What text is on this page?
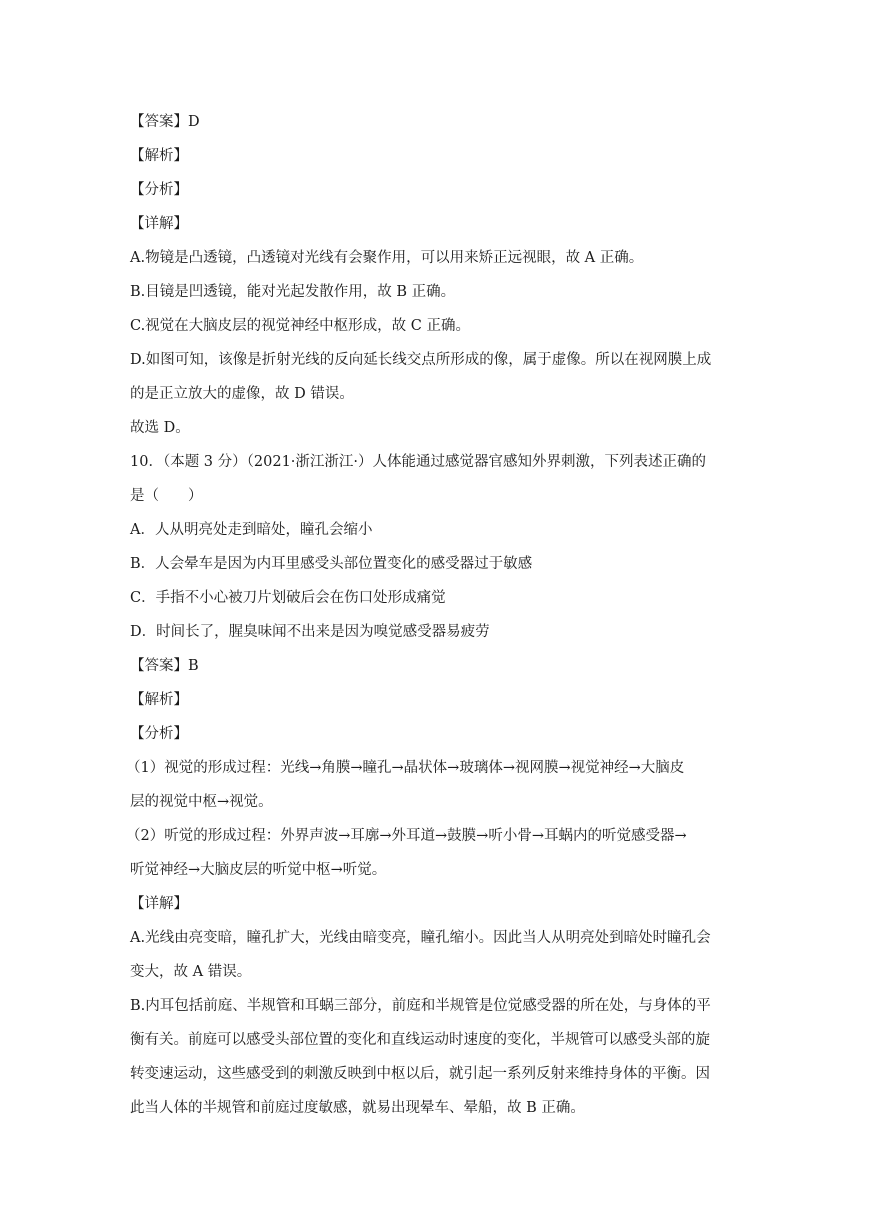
【答案】D
【解析】
【分析】
【详解】
A.物镜是凸透镜，凸透镜对光线有会聚作用，可以用来矫正远视眼，故 A 正确。
B.目镜是凹透镜，能对光起发散作用，故 B 正确。
C.视觉在大脑皮层的视觉神经中枢形成，故 C 正确。
D.如图可知，该像是折射光线的反向延长线交点所形成的像，属于虚像。所以在视网膜上成
的是正立放大的虚像，故 D 错误。
故选 D。
10．（本题 3 分）（2021·浙江浙江·）人体能通过感觉器官感知外界刺激，下列表述正确的
是（　　）
A．人从明亮处走到暗处，瞳孔会缩小
B．人会晕车是因为内耳里感受头部位置变化的感受器过于敏感
C．手指不小心被刀片划破后会在伤口处形成痛觉
D．时间长了，腥臭味闻不出来是因为嗅觉感受器易疲劳
【答案】B
【解析】
【分析】
（1）视觉的形成过程：光线→角膜→瞳孔→晶状体→玻璃体→视网膜→视觉神经→大脑皮
层的视觉中枢→视觉。
（2）听觉的形成过程：外界声波→耳廓→外耳道→鼓膜→听小骨→耳蜗内的听觉感受器→
听觉神经→大脑皮层的听觉中枢→听觉。
【详解】
A.光线由亮变暗，瞳孔扩大，光线由暗变亮，瞳孔缩小。因此当人从明亮处到暗处时瞳孔会
变大，故 A 错误。
B.内耳包括前庭、半规管和耳蜗三部分，前庭和半规管是位觉感受器的所在处，与身体的平
衡有关。前庭可以感受头部位置的变化和直线运动时速度的变化，半规管可以感受头部的旋
转变速运动，这些感受到的刺激反映到中枢以后，就引起一系列反射来维持身体的平衡。因
此当人体的半规管和前庭过度敏感，就易出现晕车、晕船，故 B 正确。
